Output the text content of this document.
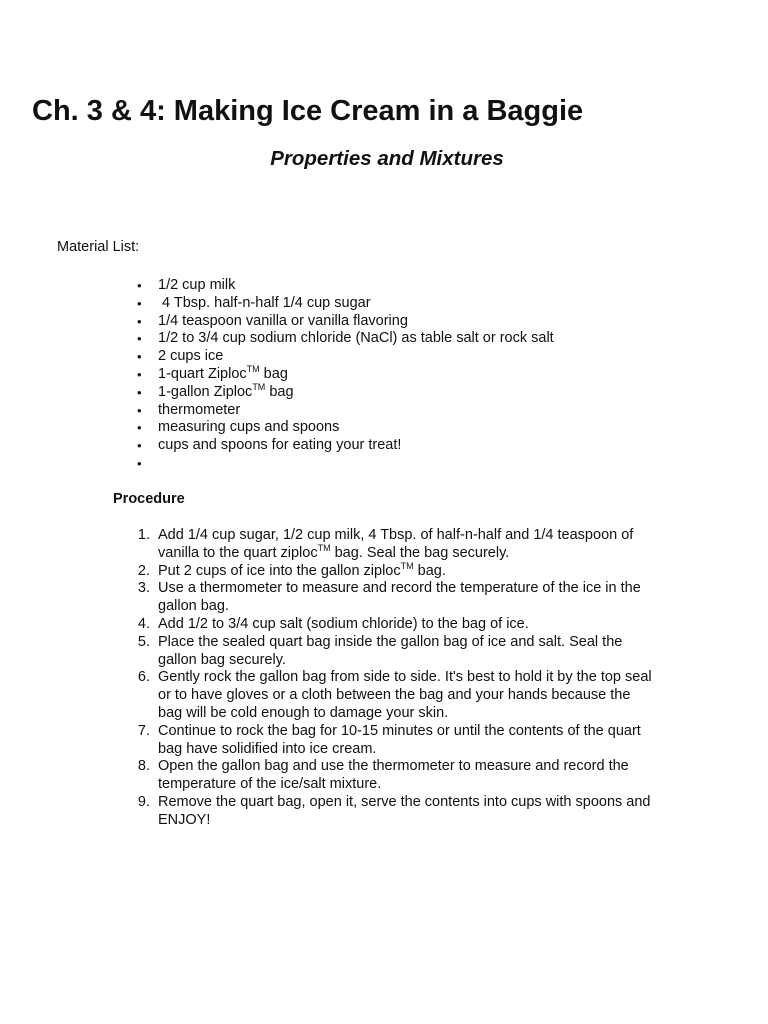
Ch. 3 & 4: Making Ice Cream in a Baggie
Properties and Mixtures

Material List:

• 1/2 cup milk
• 4 Tbsp. half-n-half 1/4 cup sugar
• 1/4 teaspoon vanilla or vanilla flavoring
• 1/2 to 3/4 cup sodium chloride (NaCl) as table salt or rock salt
• 2 cups ice
• 1-quart Ziploc™ bag
• 1-gallon Ziploc™ bag
• thermometer
• measuring cups and spoons
• cups and spoons for eating your treat!
•

Procedure

1. Add 1/4 cup sugar, 1/2 cup milk, 4 Tbsp. of half-n-half and 1/4 teaspoon of vanilla to the quart ziploc™ bag. Seal the bag securely.
2. Put 2 cups of ice into the gallon ziploc™ bag.
3. Use a thermometer to measure and record the temperature of the ice in the gallon bag.
4. Add 1/2 to 3/4 cup salt (sodium chloride) to the bag of ice.
5. Place the sealed quart bag inside the gallon bag of ice and salt. Seal the gallon bag securely.
6. Gently rock the gallon bag from side to side. It's best to hold it by the top seal or to have gloves or a cloth between the bag and your hands because the bag will be cold enough to damage your skin.
7. Continue to rock the bag for 10-15 minutes or until the contents of the quart bag have solidified into ice cream.
8. Open the gallon bag and use the thermometer to measure and record the temperature of the ice/salt mixture.
9. Remove the quart bag, open it, serve the contents into cups with spoons and ENJOY!
